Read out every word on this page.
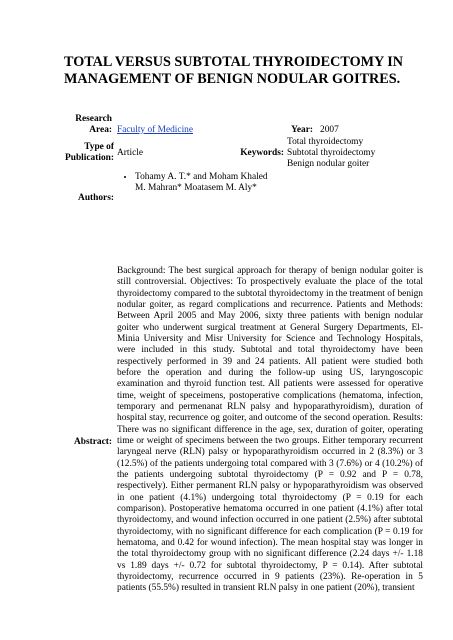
TOTAL VERSUS SUBTOTAL THYROIDECTOMY IN MANAGEMENT OF BENIGN NODULAR GOITRES.
Research Area: Faculty of Medicine	Year: 2007
Type of Publication: Article	Keywords:
Total thyroidectomy
Subtotal thyroidectomy
Benign nodular goiter
Authors:
• Tohamy A. T.* and Moham Khaled M. Mahran* Moatasem M. Aly*
Abstract:

Background: The best surgical approach for therapy of benign nodular goiter is still controversial. Objectives: To prospectively evaluate the place of the total thyroidectomy compared to the subtotal thyroidectomy in the treatment of benign nodular goiter, as regard complications and recurrence. Patients and Methods: Between April 2005 and May 2006, sixty three patients with benign nodular goiter who underwent surgical treatment at General Surgery Departments, El-Minia University and Misr University for Science and Technology Hospitals, were included in this study. Subtotal and total thyroidectomy have been respectively performed in 39 and 24 patients. All patient were studied both before the operation and during the follow-up using US, laryngoscopic examination and thyroid function test. All patients were assessed for operative time, weight of speceimens, postoperative complications (hematoma, infection, temporary and permenanat RLN palsy and hypoparathyroidism), duration of hospital stay, recurrence og goiter, and outcome of the second operation. Results: There was no significant difference in the age, sex, duration of goiter, operating time or weight of specimens between the two groups. Either temporary recurrent laryngeal nerve (RLN) palsy or hypoparathyroidism occurred in 2 (8.3%) or 3 (12.5%) of the patients undergoing total compared with 3 (7.6%) or 4 (10.2%) of the patients undergoing subtotal thyroidectomy (P = 0.92 and P = 0.78, respectively). Either permanent RLN palsy or hypoparathyroidism was observed in one patient (4.1%) undergoing total thyroidectomy (P = 0.19 for each comparison). Postoperative hematoma occurred in one patient (4.1%) after total thyroidectomy, and wound infection occurred in one patient (2.5%) after subtotal thyroidectomy, with no significant difference for each complication (P = 0.19 for hematoma, and 0.42 for wound infection). The mean hospital stay was longer in the total thyroidectomy group with no significant difference (2.24 days +/- 1.18 vs 1.89 days +/- 0.72 for subtotal thyroidectomy, P = 0.14). After subtotal thyroidectomy, recurrence occurred in 9 patients (23%). Re-operation in 5 patients (55.5%) resulted in transient RLN palsy in one patient (20%), transient
